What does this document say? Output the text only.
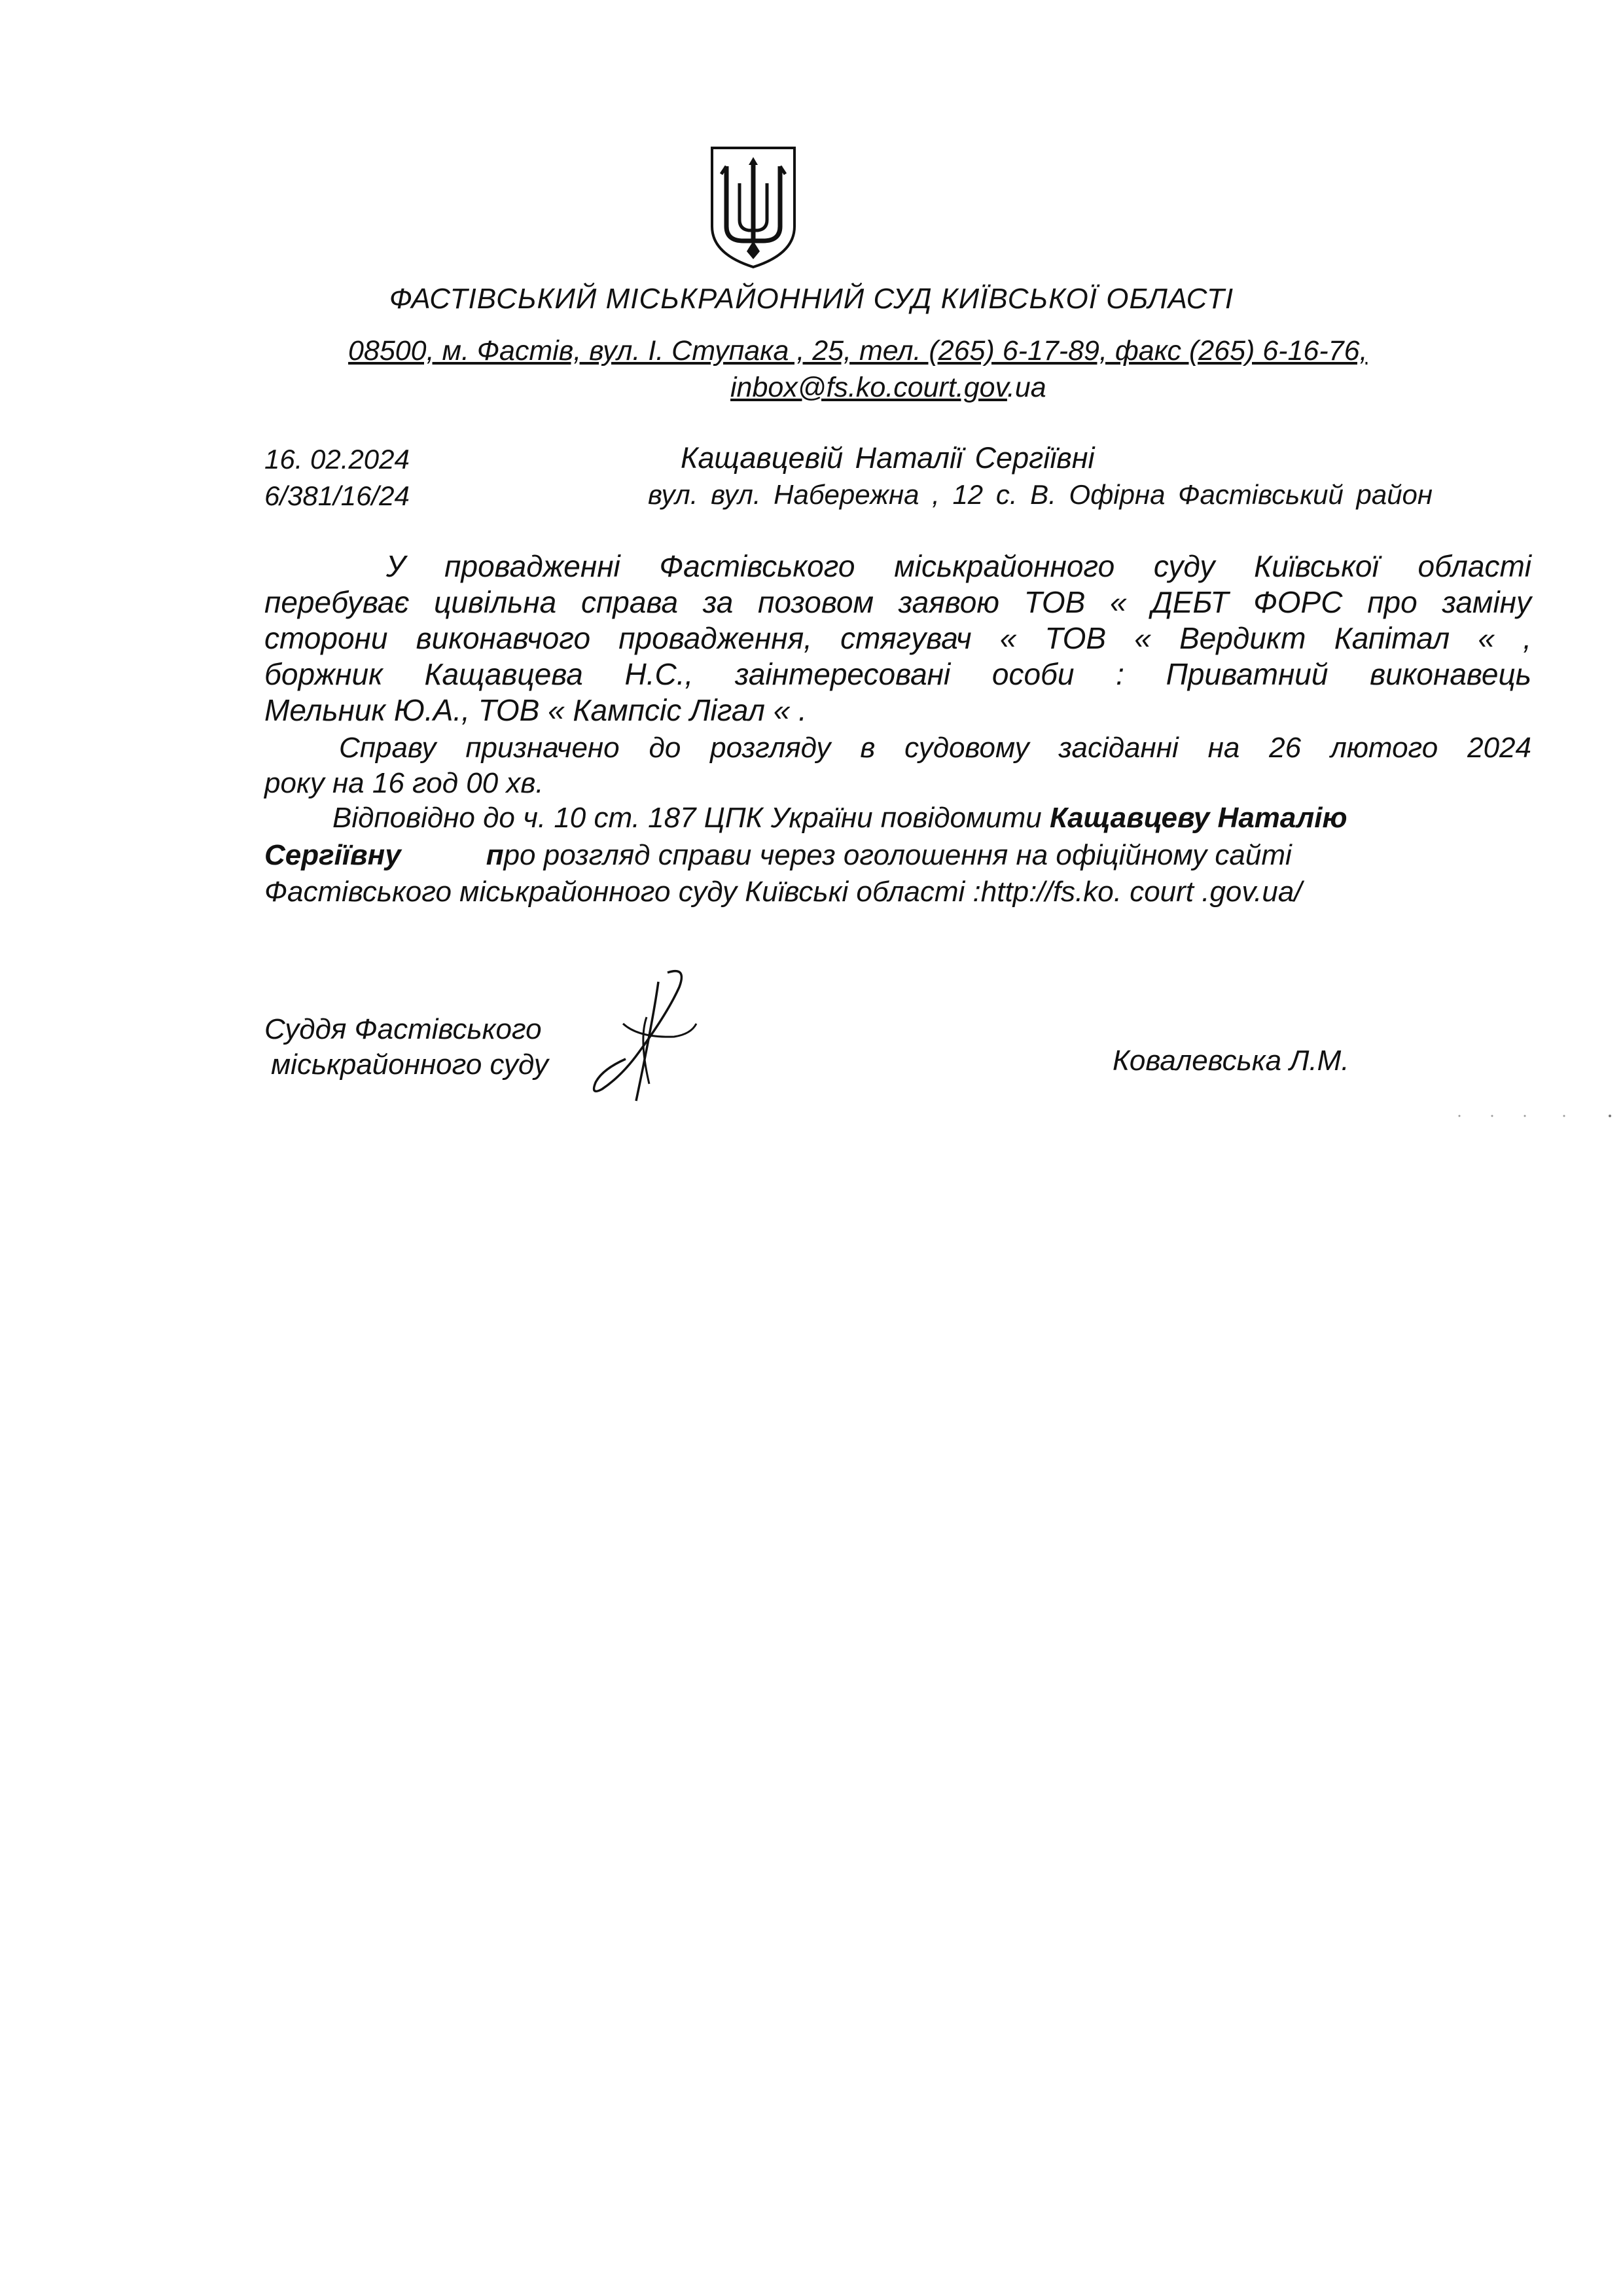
ФАСТІВСЬКИЙ МІСЬКРАЙОННИЙ СУД КИЇВСЬКОЇ ОБЛАСТІ
08500, м. Фастів, вул. І. Ступака , 25, тел. (265) 6-17-89, факс (265) 6-16-76,
inbox@fs.ko.court.gov.ua
16. 02.2024
6/381/16/24
Кащавцевій Наталії Сергіївні
вул. вул. Набережна , 12 с. В. Офірна Фастівський район
У провадженні Фастівського міськрайонного суду Київської області
перебуває цивільна справа за позовом заявою ТОВ « ДЕБТ ФОРС про заміну
сторони виконавчого провадження, стягувач « ТОВ « Вердикт Капітал « ,
боржник Кащавцева Н.С., заінтересовані особи : Приватний виконавець
Мельник Ю.А., ТОВ « Кампсіс Лігал « .
Справу призначено до розгляду в судовому засіданні на 26 лютого 2024
року на 16 год 00 хв.
Відповідно до ч. 10 ст. 187 ЦПК України повідомити Кащавцеву Наталію
Сергіївну	про розгляд справи через оголошення на офіційному сайті
Фастівського міськрайонного суду Київські області :http://fs.ko. court .gov.ua/
Суддя Фастівського
міськрайонного суду	Ковалевська Л.М.
